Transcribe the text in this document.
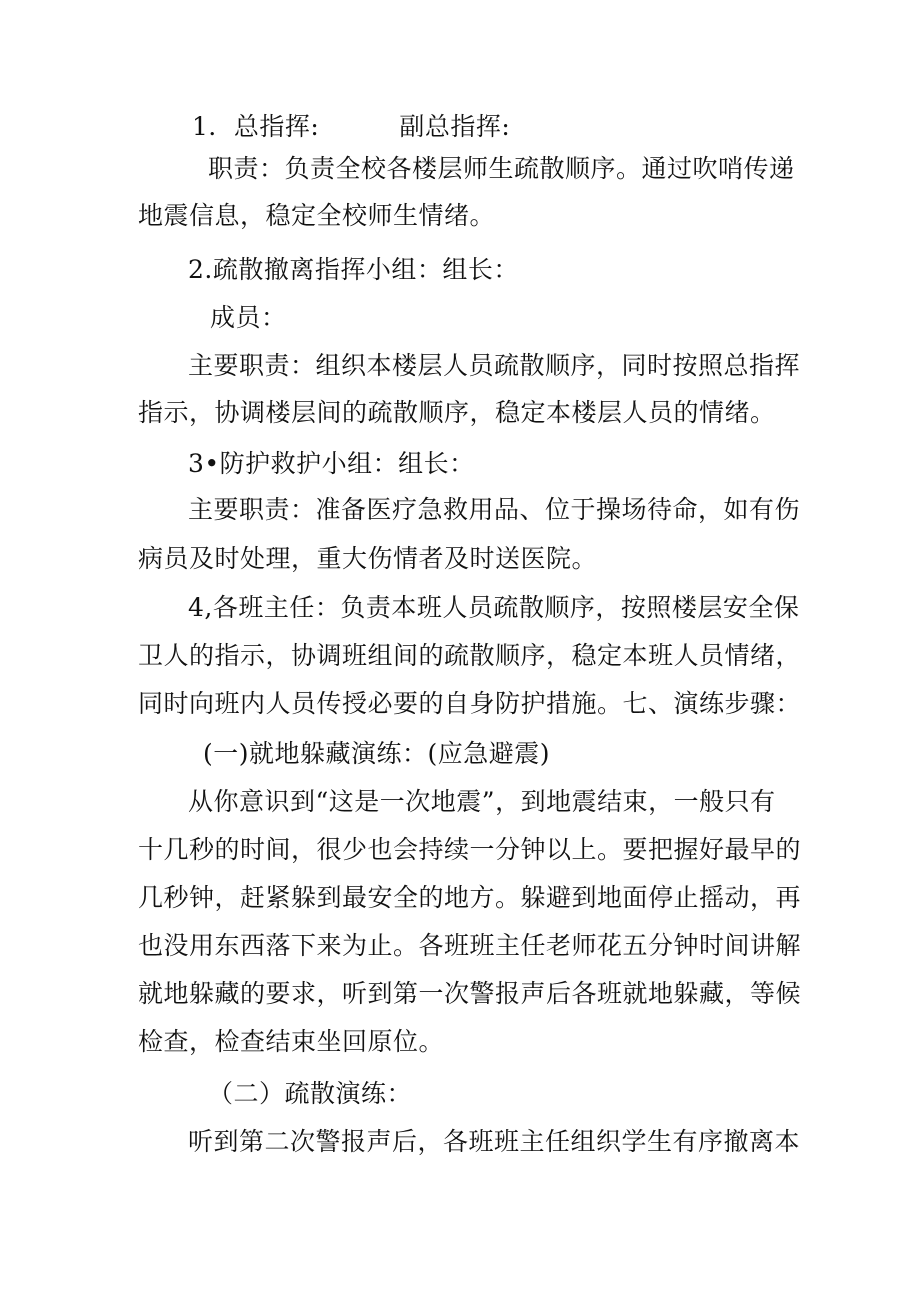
1．总指挥:	副总指挥:
职责：负责全校各楼层师生疏散顺序。通过吹哨传递
地震信息，稳定全校师生情绪。
2.疏散撤离指挥小组：组长：
成员：
主要职责：组织本楼层人员疏散顺序，同时按照总指挥
指示，协调楼层间的疏散顺序，稳定本楼层人员的情绪。
3•防护救护小组：组长：
主要职责：准备医疗急救用品、位于操场待命，如有伤
病员及时处理，重大伤情者及时送医院。
4,各班主任：负责本班人员疏散顺序，按照楼层安全保
卫人的指示，协调班组间的疏散顺序，稳定本班人员情绪，
同时向班内人员传授必要的自身防护措施。七、演练步骤：
(一)就地躲藏演练：(应急避震)
从你意识到“这是一次地震”，到地震结束，一般只有
十几秒的时间，很少也会持续一分钟以上。要把握好最早的
几秒钟，赶紧躲到最安全的地方。躲避到地面停止摇动，再
也没用东西落下来为止。各班班主任老师花五分钟时间讲解
就地躲藏的要求，听到第一次警报声后各班就地躲藏，等候
检查，检查结束坐回原位。
（二）疏散演练：
听到第二次警报声后，各班班主任组织学生有序撤离本
